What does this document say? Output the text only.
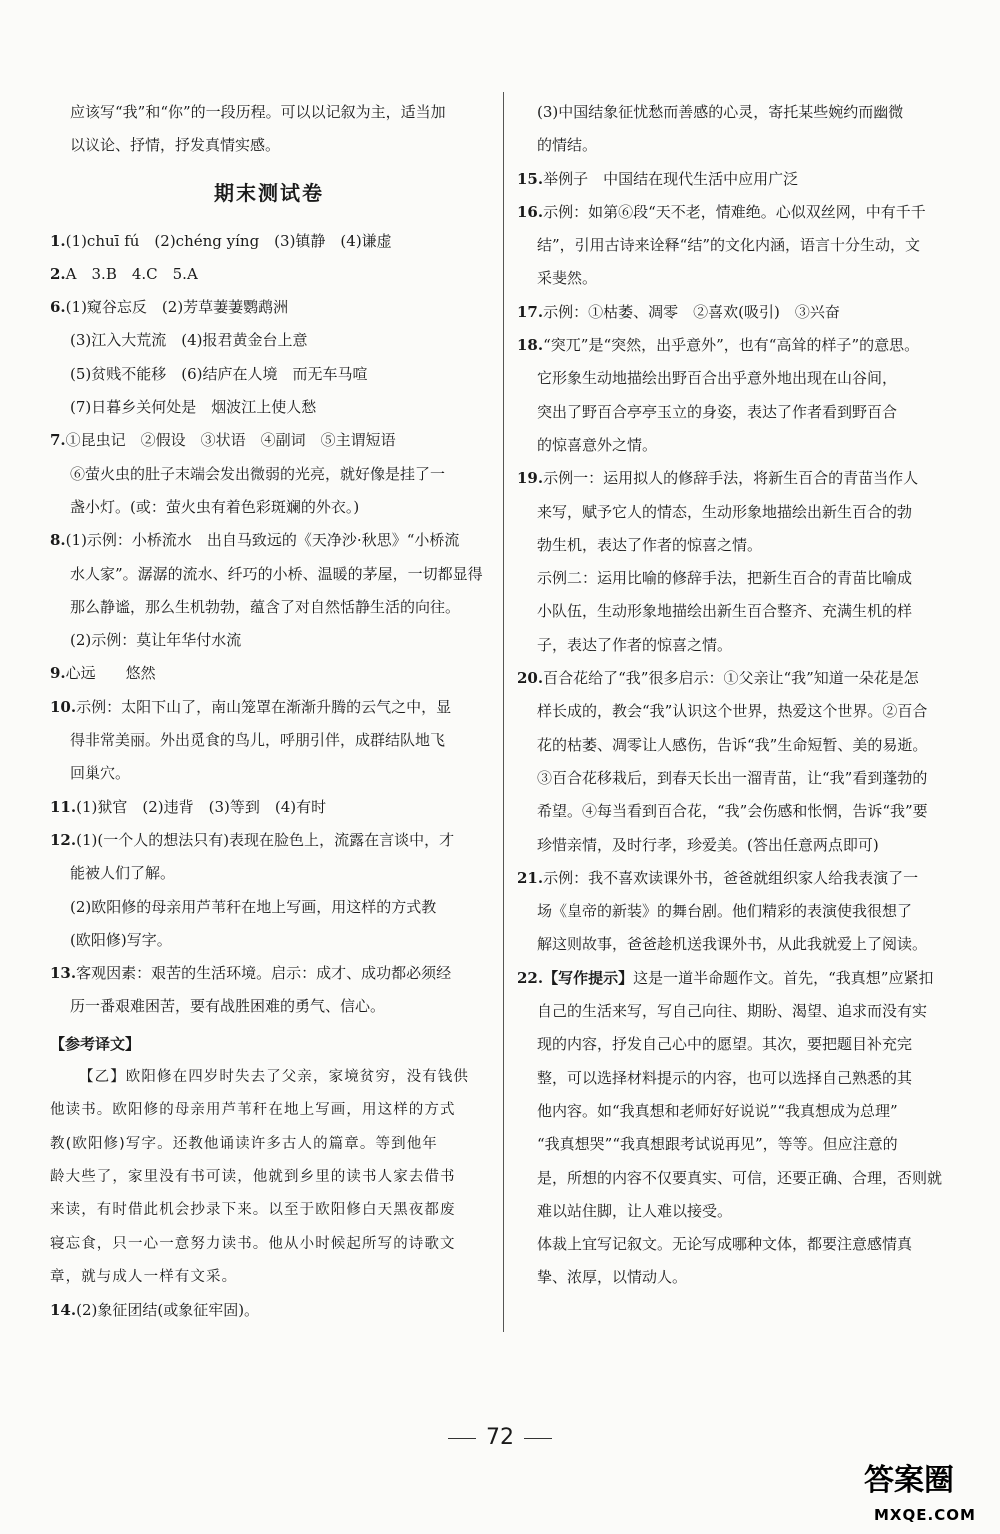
应该写“我”和“你”的一段历程。可以以记叙为主，适当加
以议论、抒情，抒发真情实感。
期末测试卷
1.(1)chuī fú　(2)chéng yíng　(3)镇静　(4)谦虚
2.A　3.B　4.C　5.A
6.(1)窥谷忘反　(2)芳草萋萋鹦鹉洲
(3)江入大荒流　(4)报君黄金台上意
(5)贫贱不能移　(6)结庐在人境　而无车马喧
(7)日暮乡关何处是　烟波江上使人愁
7.①昆虫记　②假设　③状语　④副词　⑤主谓短语
⑥萤火虫的肚子末端会发出微弱的光亮，就好像是挂了一
盏小灯。(或：萤火虫有着色彩斑斓的外衣。)
8.(1)示例：小桥流水　出自马致远的《天净沙·秋思》“小桥流
水人家”。潺潺的流水、纤巧的小桥、温暖的茅屋，一切都显得
那么静谧，那么生机勃勃，蕴含了对自然恬静生活的向往。
(2)示例：莫让年华付水流
9.心远　　悠然
10.示例：太阳下山了，南山笼罩在渐渐升腾的云气之中，显
得非常美丽。外出觅食的鸟儿，呼朋引伴，成群结队地飞
回巢穴。
11.(1)狱官　(2)违背　(3)等到　(4)有时
12.(1)(一个人的想法只有)表现在脸色上，流露在言谈中，才
能被人们了解。
(2)欧阳修的母亲用芦苇秆在地上写画，用这样的方式教
(欧阳修)写字。
13.客观因素：艰苦的生活环境。启示：成才、成功都必须经
历一番艰难困苦，要有战胜困难的勇气、信心。
【参考译文】
【乙】欧阳修在四岁时失去了父亲，家境贫穷，没有钱供
他读书。欧阳修的母亲用芦苇秆在地上写画，用这样的方式
教(欧阳修)写字。还教他诵读许多古人的篇章。等到他年
龄大些了，家里没有书可读，他就到乡里的读书人家去借书
来读，有时借此机会抄录下来。以至于欧阳修白天黑夜都废
寝忘食，只一心一意努力读书。他从小时候起所写的诗歌文
章，就与成人一样有文采。
14.(2)象征团结(或象征牢固)。
(3)中国结象征忧愁而善感的心灵，寄托某些婉约而幽微
的情结。
15.举例子　中国结在现代生活中应用广泛
16.示例：如第⑥段“天不老，情难绝。心似双丝网，中有千千
结”，引用古诗来诠释“结”的文化内涵，语言十分生动，文
采斐然。
17.示例：①枯萎、凋零　②喜欢(吸引)　③兴奋
18.“突兀”是“突然，出乎意外”，也有“高耸的样子”的意思。
它形象生动地描绘出野百合出乎意外地出现在山谷间，
突出了野百合亭亭玉立的身姿，表达了作者看到野百合
的惊喜意外之情。
19.示例一：运用拟人的修辞手法，将新生百合的青苗当作人
来写，赋予它人的情态，生动形象地描绘出新生百合的勃
勃生机，表达了作者的惊喜之情。
示例二：运用比喻的修辞手法，把新生百合的青苗比喻成
小队伍，生动形象地描绘出新生百合整齐、充满生机的样
子，表达了作者的惊喜之情。
20.百合花给了“我”很多启示：①父亲让“我”知道一朵花是怎
样长成的，教会“我”认识这个世界，热爱这个世界。②百合
花的枯萎、凋零让人感伤，告诉“我”生命短暂、美的易逝。
③百合花移栽后，到春天长出一溜青苗，让“我”看到蓬勃的
希望。④每当看到百合花，“我”会伤感和怅惘，告诉“我”要
珍惜亲情，及时行孝，珍爱美。(答出任意两点即可)
21.示例：我不喜欢读课外书，爸爸就组织家人给我表演了一
场《皇帝的新装》的舞台剧。他们精彩的表演使我很想了
解这则故事，爸爸趁机送我课外书，从此我就爱上了阅读。
22.【写作提示】这是一道半命题作文。首先，“我真想”应紧扣
自己的生活来写，写自己向往、期盼、渴望、追求而没有实
现的内容，抒发自己心中的愿望。其次，要把题目补充完
整，可以选择材料提示的内容，也可以选择自己熟悉的其
他内容。如“我真想和老师好好说说”“我真想成为总理”
“我真想哭”“我真想跟考试说再见”，等等。但应注意的
是，所想的内容不仅要真实、可信，还要正确、合理，否则就
难以站住脚，让人难以接受。
体裁上宜写记叙文。无论写成哪种文体，都要注意感情真
挚、浓厚，以情动人。
72
答案圈
MXQE.COM
